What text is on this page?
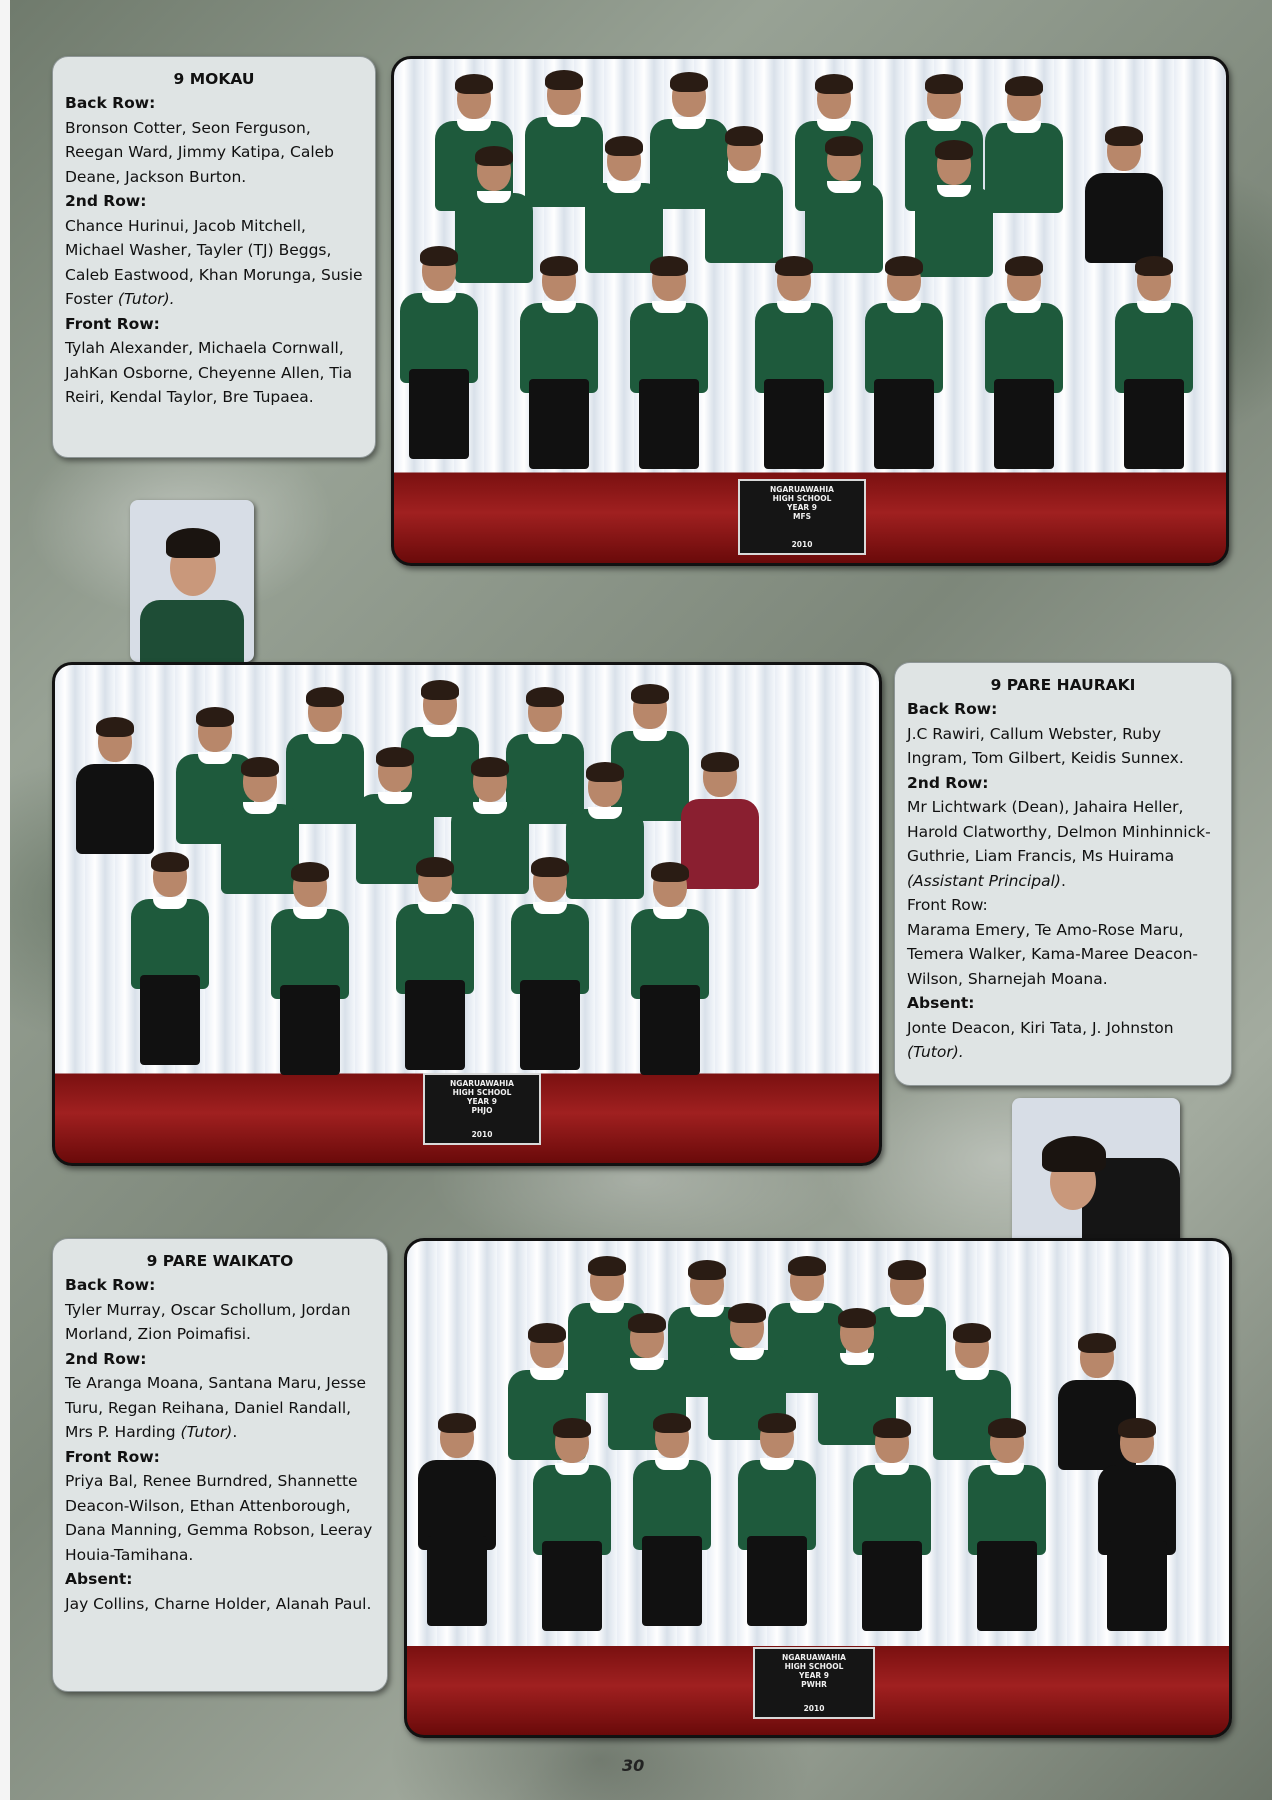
9 MOKAU
Back Row:

Bronson Cotter, Seon Ferguson, Reegan Ward, Jimmy Katipa, Caleb Deane, Jackson Burton.

2nd Row:

Chance Hurinui, Jacob Mitchell, Michael Washer, Tayler (TJ) Beggs, Caleb Eastwood, Khan Morunga, Susie Foster (Tutor).

Front Row:

Tylah Alexander, Michaela Cornwall, JahKan Osborne, Cheyenne Allen, Tia Reiri, Kendal Taylor, Bre Tupaea.

NGARUAWAHIA
HIGH SCHOOL
YEAR 9
MFS
2010
NGARUAWAHIA
HIGH SCHOOL
YEAR 9
PHJO
2010
9 PARE HAURAKI
Back Row:

J.C Rawiri, Callum Webster, Ruby Ingram, Tom Gilbert, Keidis Sunnex.

2nd Row:

Mr Lichtwark (Dean), Jahaira Heller, Harold Clatworthy, Delmon Minhinnick-Guthrie, Liam Francis, Ms Huirama (Assistant Principal).

Front Row:

Marama Emery, Te Amo-Rose Maru, Temera Walker, Kama-Maree Deacon-Wilson, Sharnejah Moana.

Absent:

Jonte Deacon, Kiri Tata, J. Johnston (Tutor).

9 PARE WAIKATO
Back Row:

Tyler Murray, Oscar Schollum, Jordan Morland, Zion Poimafisi.

2nd Row:

Te Aranga Moana, Santana Maru, Jesse Turu, Regan Reihana, Daniel Randall, Mrs P. Harding (Tutor).

Front Row:

Priya Bal, Renee Burndred, Shannette Deacon-Wilson, Ethan Attenborough, Dana Manning, Gemma Robson, Leeray Houia-Tamihana.

Absent:

Jay Collins, Charne Holder, Alanah Paul.

NGARUAWAHIA
HIGH SCHOOL
YEAR 9
PWHR
2010
30
